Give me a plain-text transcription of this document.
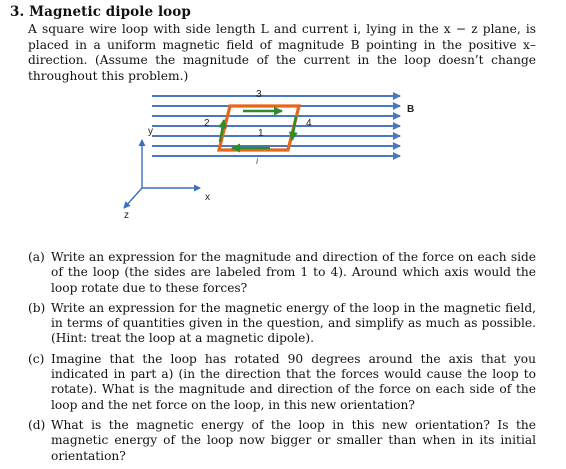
3. Magnetic dipole loop
A square wire loop with side length L and current i, lying in the x − z plane, is placed in a uniform magnetic field of magnitude B pointing in the positive x–direction. (Assume the magnitude of the current in the loop doesn’t change throughout this problem.)
B
3
2
1
4
i
y
x
z
(a) Write an expression for the magnitude and direction of the force on each side of the loop (the sides are labeled from 1 to 4). Around which axis would the loop rotate due to these forces?
(b) Write an expression for the magnetic energy of the loop in the magnetic field, in terms of quantities given in the question, and simplify as much as possible. (Hint: treat the loop at a magnetic dipole).
(c) Imagine that the loop has rotated 90 degrees around the axis that you indicated in part a) (in the direction that the forces would cause the loop to rotate). What is the magnitude and direction of the force on each side of the loop and the net force on the loop, in this new orientation?
(d) What is the magnetic energy of the loop in this new orientation? Is the magnetic energy of the loop now bigger or smaller than when in its initial orientation?
